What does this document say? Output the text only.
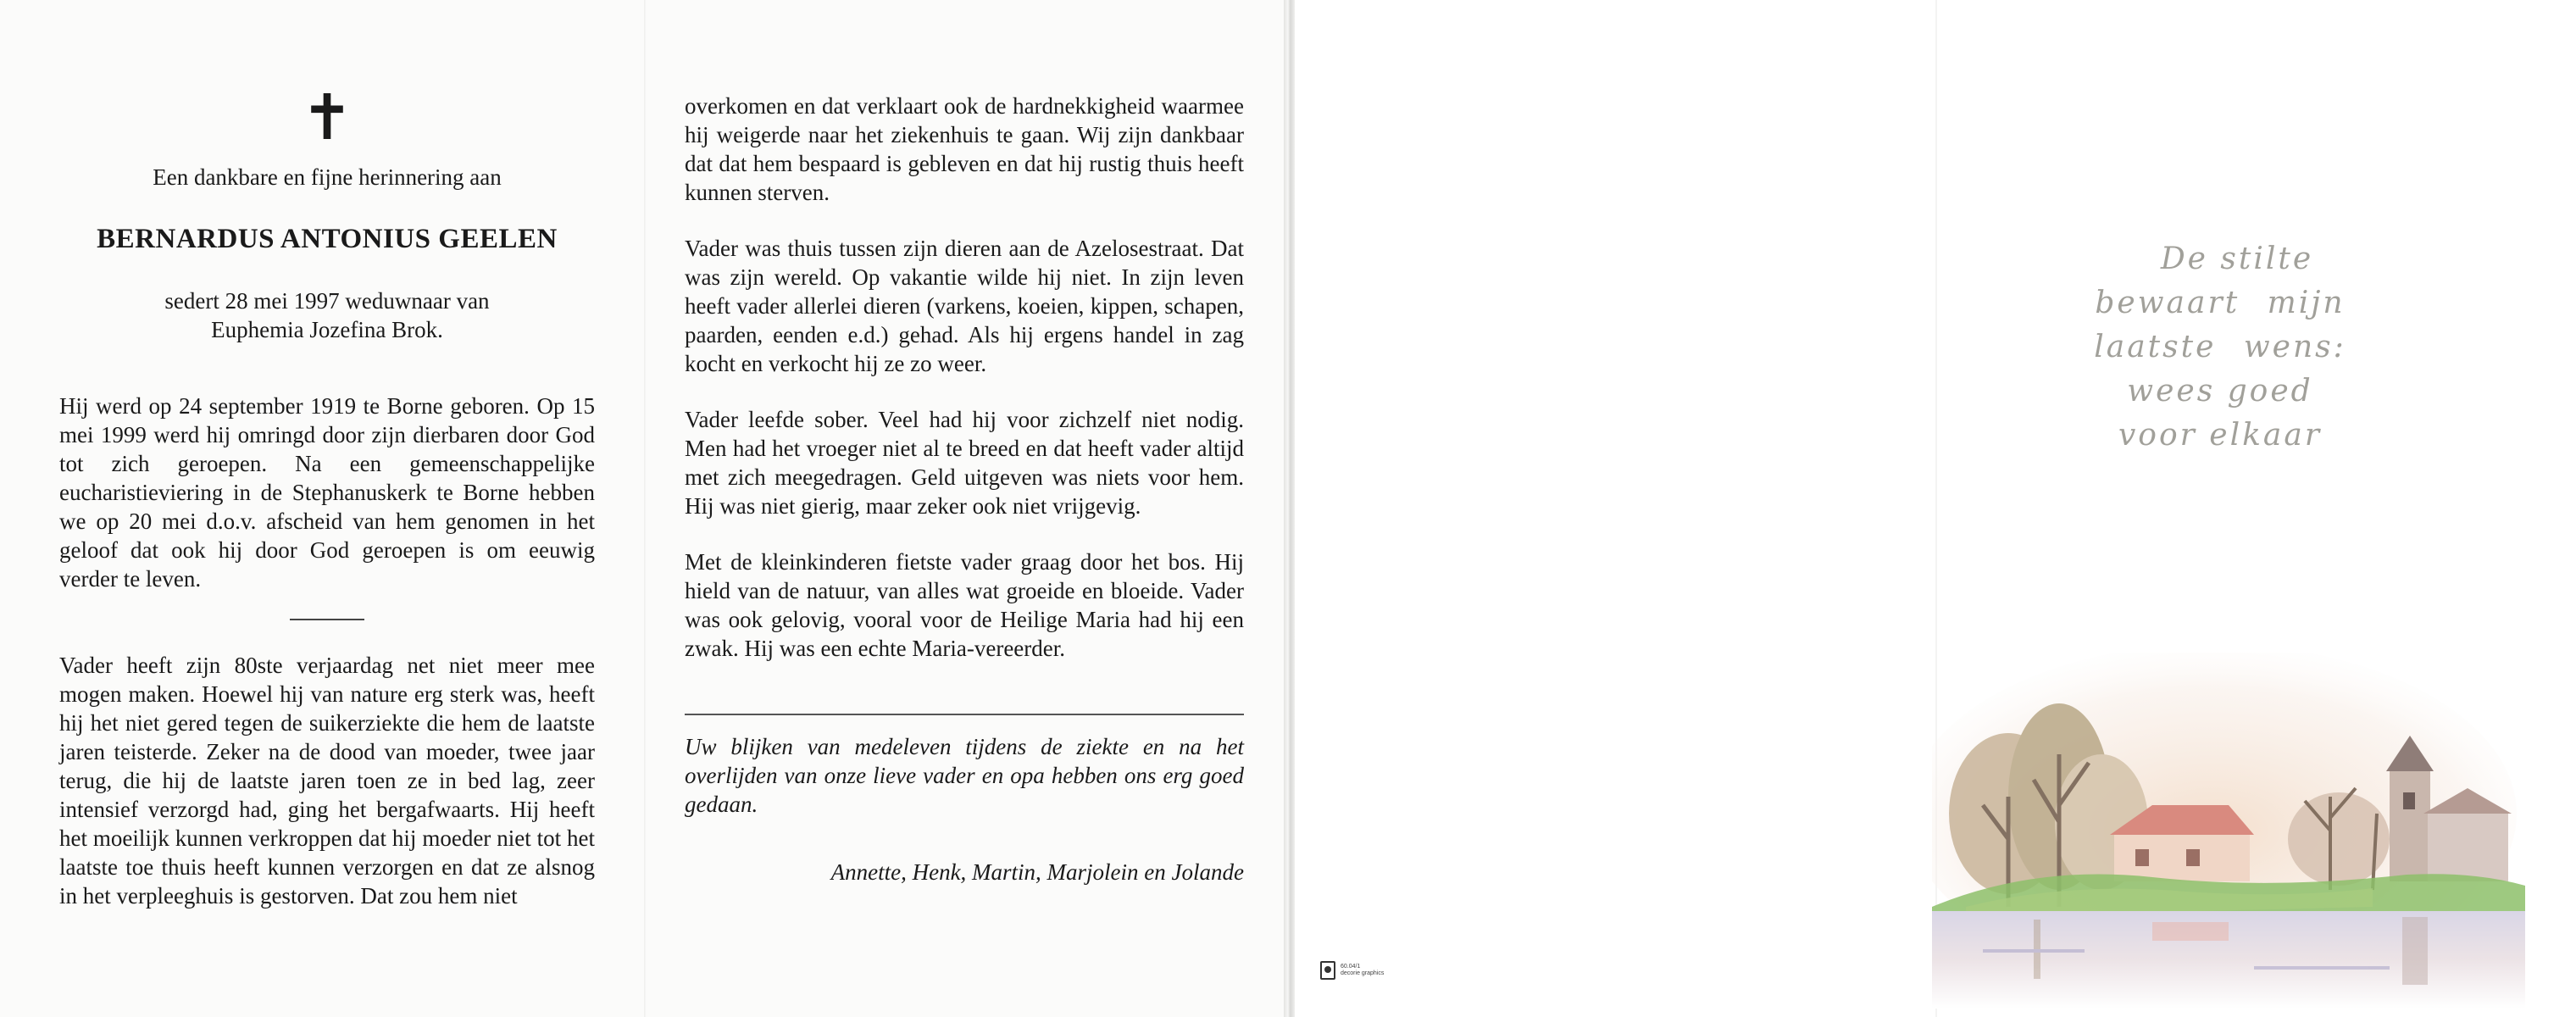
✝
Een dankbare en fijne herinnering aan
BERNARDUS ANTONIUS GEELEN
sedert 28 mei 1997 weduwnaar van
Euphemia Jozefina Brok.

Hij werd op 24 september 1919 te Borne geboren. Op 15 mei 1999 werd hij omringd door zijn dierbaren door God tot zich geroepen. Na een gemeenschappelijke eucharistieviering in de Stephanuskerk te Borne hebben we op 20 mei d.o.v. afscheid van hem genomen in het geloof dat ook hij door God geroepen is om eeuwig verder te leven.

Vader heeft zijn 80ste verjaardag net niet meer mee mogen maken. Hoewel hij van nature erg sterk was, heeft hij het niet gered tegen de suikerziekte die hem de laatste jaren teisterde. Zeker na de dood van moeder, twee jaar terug, die hij de laatste jaren toen ze in bed lag, zeer intensief verzorgd had, ging het bergafwaarts. Hij heeft het moeilijk kunnen verkroppen dat hij moeder niet tot het laatste toe thuis heeft kunnen verzorgen en dat ze alsnog in het verpleeghuis is gestorven. Dat zou hem niet

overkomen en dat verklaart ook de hardnekkigheid waarmee hij weigerde naar het ziekenhuis te gaan. Wij zijn dankbaar dat dat hem bespaard is gebleven en dat hij rustig thuis heeft kunnen sterven.

Vader was thuis tussen zijn dieren aan de Azelosestraat. Dat was zijn wereld. Op vakantie wilde hij niet. In zijn leven heeft vader allerlei dieren (varkens, koeien, kippen, schapen, paarden, eenden e.d.) gehad. Als hij ergens handel in zag kocht en verkocht hij ze zo weer.

Vader leefde sober. Veel had hij voor zichzelf niet nodig. Men had het vroeger niet al te breed en dat heeft vader altijd met zich meegedragen. Geld uitgeven was niets voor hem. Hij was niet gierig, maar zeker ook niet vrijgevig.

Met de kleinkinderen fietste vader graag door het bos. Hij hield van de natuur, van alles wat groeide en bloeide. Vader was ook gelovig, vooral voor de Heilige Maria had hij een zwak. Hij was een echte Maria-vereerder.

Uw blijken van medeleven tijdens de ziekte en na het overlijden van onze lieve vader en opa hebben ons erg goed gedaan.

Annette, Henk, Martin, Marjolein en Jolande
De stilte
bewaart mijn laatste wens:
wees goed
voor elkaar
60.04/1
decorie graphics
